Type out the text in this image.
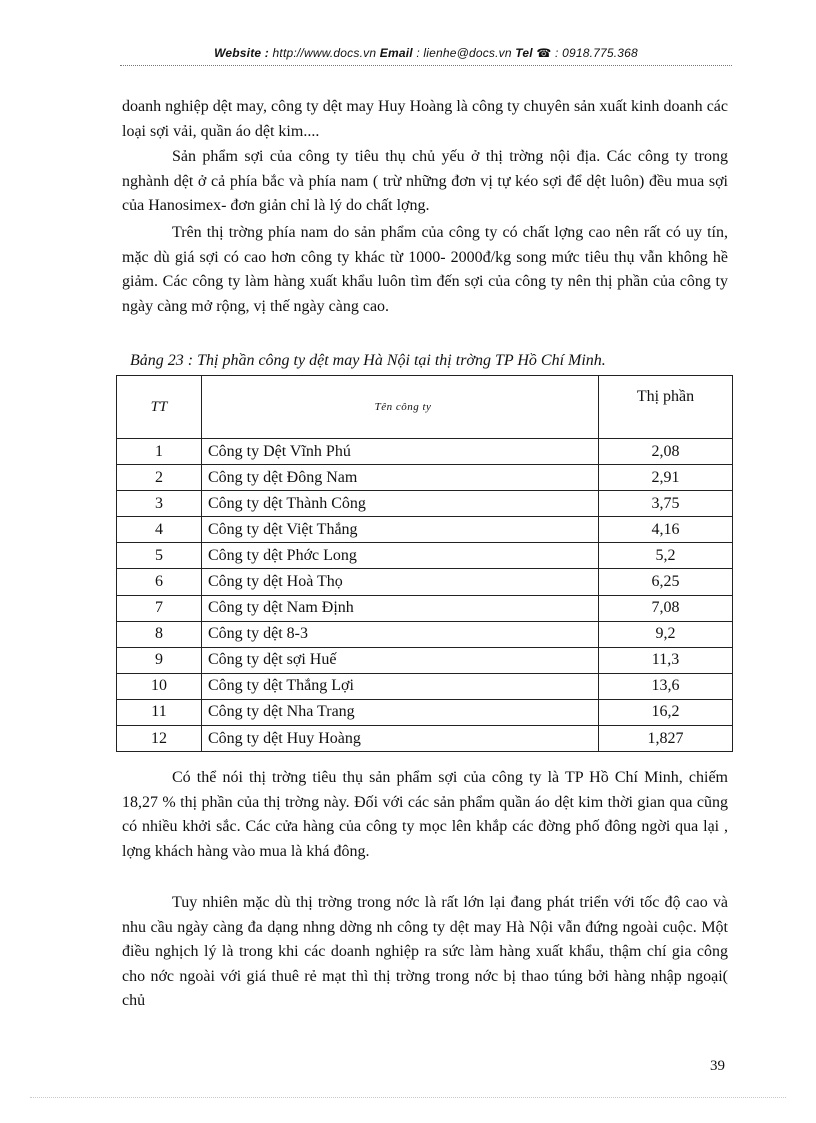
Website : http://www.docs.vn Email : lienhe@docs.vn Tel ☎ : 0918.775.368

doanh nghiệp dệt may, công ty dệt may Huy Hoàng là công ty chuyên sản xuất kinh doanh các loại sợi vải, quần áo dệt kim....

Sản phẩm sợi của công ty tiêu thụ chủ yếu ở thị trờng nội địa. Các công ty trong nghành dệt ở cả phía bắc và phía nam ( trừ những đơn vị tự kéo sợi để dệt luôn) đều mua sợi của Hanosimex- đơn giản chỉ là lý do chất lợng.

Trên thị trờng phía nam do sản phẩm của công ty có chất lợng cao nên rất có uy tín, mặc dù giá sợi có cao hơn công ty khác từ 1000- 2000đ/kg song mức tiêu thụ vẫn không hề giảm. Các công ty làm hàng xuất khẩu luôn tìm đến sợi của công ty nên thị phần của công ty ngày càng mở rộng, vị thế ngày càng cao.

Bảng 23 : Thị phần công ty dệt may Hà Nội tại thị trờng TP Hồ Chí Minh.
TT	Tên công ty	Thị phần
1	Công ty Dệt Vĩnh Phú	2,08
2	Công ty dệt Đông Nam	2,91
3	Công ty dệt Thành Công	3,75
4	Công ty dệt Việt Thắng	4,16
5	Công ty dệt Phớc Long	5,2
6	Công ty dệt Hoà Thọ	6,25
7	Công ty dệt Nam Định	7,08
8	Công ty dệt 8-3	9,2
9	Công ty dệt sợi Huế	11,3
10	Công ty dệt Thắng Lợi	13,6
11	Công ty dệt Nha Trang	16,2
12	Công ty dệt Huy Hoàng	1,827

Có thể nói thị trờng tiêu thụ sản phẩm sợi của công ty là TP Hồ Chí Minh, chiếm 18,27 % thị phần của thị trờng này. Đối với các sản phẩm quần áo dệt kim thời gian qua cũng có nhiều khởi sắc. Các cửa hàng của công ty mọc lên khắp các đờng phố đông ngời qua lại , lợng khách hàng vào mua là khá đông.

Tuy nhiên mặc dù thị trờng trong nớc là rất lớn lại đang phát triển với tốc độ cao và nhu cầu ngày càng đa dạng nhng dờng nh công ty dệt may Hà Nội vẫn đứng ngoài cuộc. Một điều nghịch lý là trong khi các doanh nghiệp ra sức làm hàng xuất khẩu, thậm chí gia công cho nớc ngoài với giá thuê rẻ mạt thì thị trờng trong nớc bị thao túng bởi hàng nhập ngoại( chủ

39
